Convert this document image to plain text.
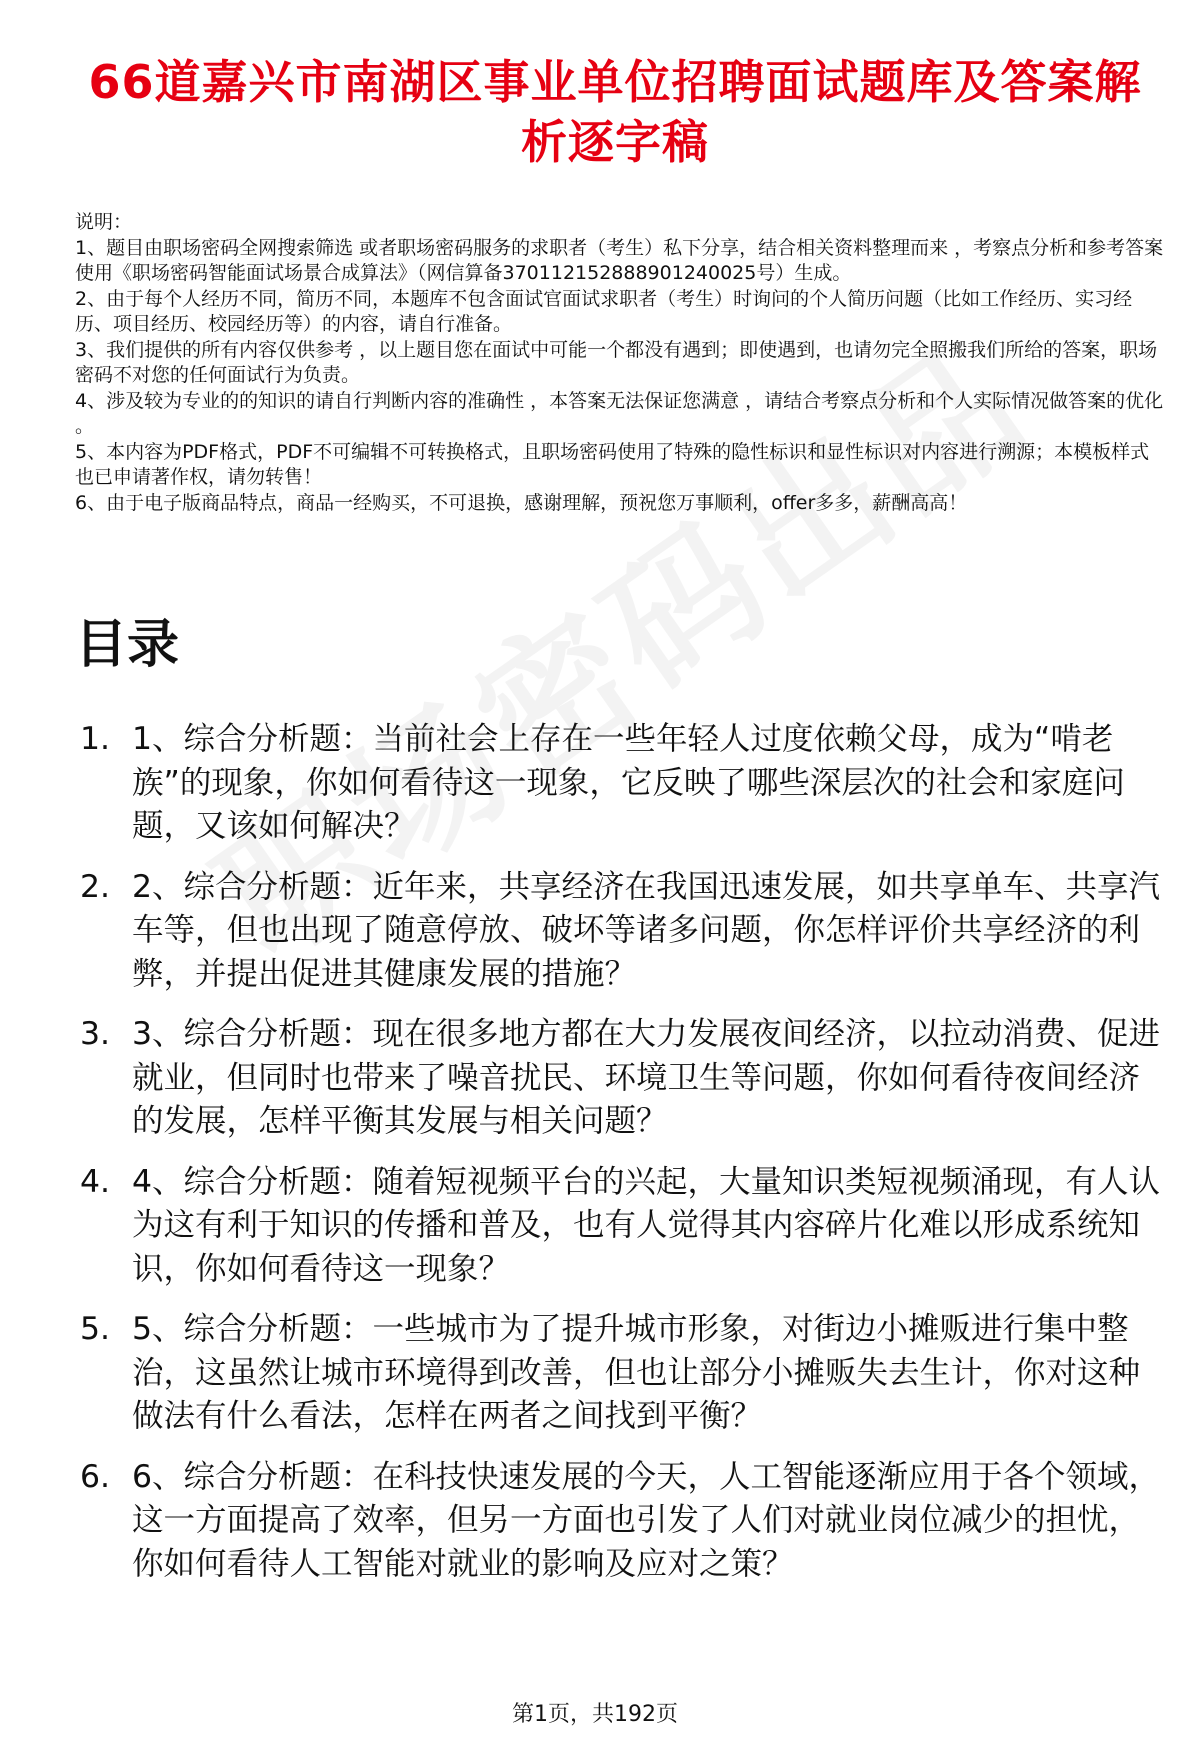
66道嘉兴市南湖区事业单位招聘面试题库及答案解析逐字稿

说明：

1、题目由职场密码全网搜索筛选 或者职场密码服务的求职者（考生）私下分享，结合相关资料整理而来 ，考察点分析和参考答案使用《职场密码智能面试场景合成算法》（网信算备370112152888901240025号）生成。

2、由于每个人经历不同，简历不同，本题库不包含面试官面试求职者（考生）时询问的个人简历问题（比如工作经历、实习经历、项目经历、校园经历等）的内容，请自行准备。

3、我们提供的所有内容仅供参考 ，以上题目您在面试中可能一个都没有遇到；即使遇到，也请勿完全照搬我们所给的答案，职场密码不对您的任何面试行为负责。

4、涉及较为专业的的知识的请自行判断内容的准确性 ，本答案无法保证您满意 ，请结合考察点分析和个人实际情况做答案的优化 。

5、本内容为PDF格式，PDF不可编辑不可转换格式，且职场密码使用了特殊的隐性标识和显性标识对内容进行溯源；本模板样式也已申请著作权，请勿转售！

6、由于电子版商品特点，商品一经购买，不可退换，感谢理解，预祝您万事顺利，offer多多，薪酬高高！

目录
1. 1、综合分析题：当前社会上存在一些年轻人过度依赖父母，成为“啃老族”的现象，你如何看待这一现象，它反映了哪些深层次的社会和家庭问题，又该如何解决？
2. 2、综合分析题：近年来，共享经济在我国迅速发展，如共享单车、共享汽车等，但也出现了随意停放、破坏等诸多问题，你怎样评价共享经济的利弊，并提出促进其健康发展的措施？
3. 3、综合分析题：现在很多地方都在大力发展夜间经济，以拉动消费、促进就业，但同时也带来了噪音扰民、环境卫生等问题，你如何看待夜间经济的发展，怎样平衡其发展与相关问题？
4. 4、综合分析题：随着短视频平台的兴起，大量知识类短视频涌现，有人认为这有利于知识的传播和普及，也有人觉得其内容碎片化难以形成系统知识，你如何看待这一现象？
5. 5、综合分析题：一些城市为了提升城市形象，对街边小摊贩进行集中整治，这虽然让城市环境得到改善，但也让部分小摊贩失去生计，你对这种做法有什么看法，怎样在两者之间找到平衡？
6. 6、综合分析题：在科技快速发展的今天，人工智能逐渐应用于各个领域，这一方面提高了效率，但另一方面也引发了人们对就业岗位减少的担忧，你如何看待人工智能对就业的影响及应对之策？
第1页，共192页
